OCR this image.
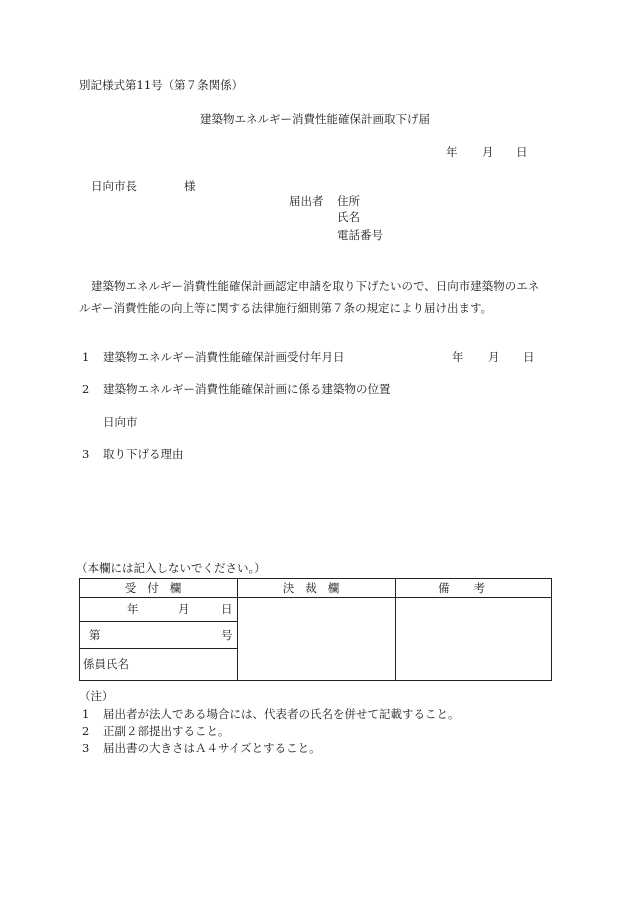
別記様式第11号（第７条関係）
建築物エネルギー消費性能確保計画取下げ届
年 月 日
日向市長	様
届出者 住所
氏名
電話番号
建築物エネルギー消費性能確保計画認定申請を取り下げたいので、日向市建築物のエネ
ルギー消費性能の向上等に関する法律施行細則第７条の規定により届け出ます。
1 建築物エネルギー消費性能確保計画受付年月日	年 月 日
2 建築物エネルギー消費性能確保計画に係る建築物の位置
日向市
3 取り下げる理由
（本欄には記入しないでください。）
受付欄	決裁欄	備考

年 月 日		

第 号		

係員氏名		
（注）
1 届出者が法人である場合には、代表者の氏名を併せて記載すること。
2 正副２部提出すること。
3 届出書の大きさはＡ４サイズとすること。
